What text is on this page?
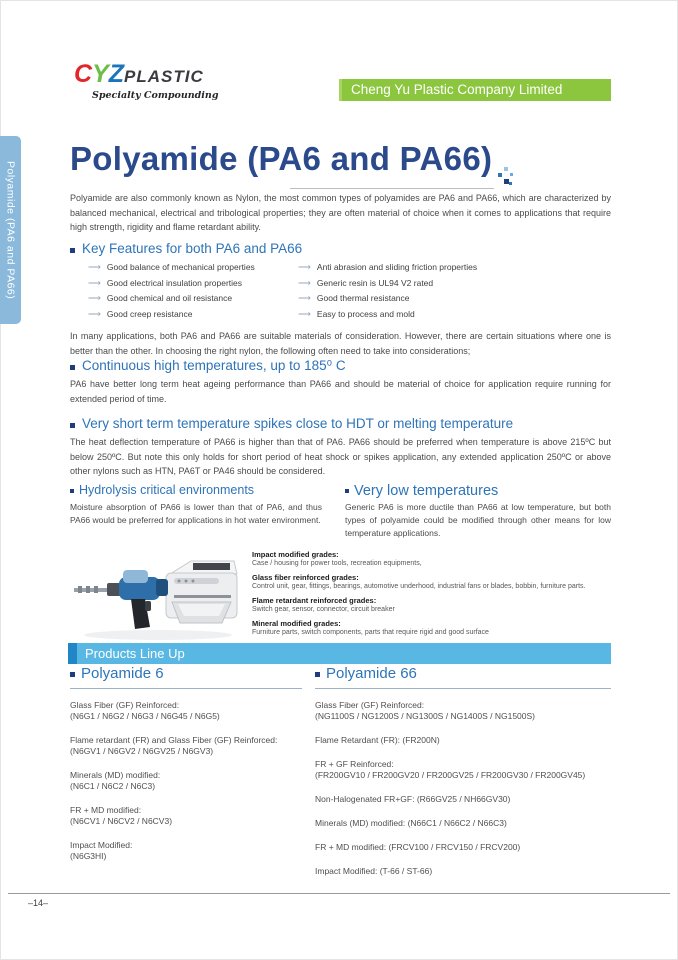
Polyamide (PA6 and PA66)
CYZPLASTIC
Specialty Compounding	Cheng Yu Plastic Company Limited
Polyamide (PA6 and PA66)

Polyamide are also commonly known as Nylon, the most common types of polyamides are PA6 and PA66, which are characterized by balanced mechanical, electrical and tribological properties; they are often material of choice when it comes to applications that require high strength, rigidity and flame retardant ability.

Key Features for both PA6 and PA66
⟶ Good balance of mechanical properties
⟶ Good electrical insulation properties
⟶ Good chemical and oil resistance
⟶ Good creep resistance
⟶ Anti abrasion and sliding friction properties
⟶ Generic resin is UL94 V2 rated
⟶ Good thermal resistance
⟶ Easy to process and mold

In many applications, both PA6 and PA66 are suitable materials of consideration. However, there are certain situations where one is better than the other. In choosing the right nylon, the following often need to take into considerations;

Continuous high temperatures, up to 185⁰ C

PA6 have better long term heat ageing performance than PA66 and should be material of choice for application require running for extended period of time.

Very short term temperature spikes close to HDT or melting temperature

The heat deflection temperature of PA66 is higher than that of PA6. PA66 should be preferred when temperature is above 215ºC but below 250ºC. But note this only holds for short period of heat shock or spikes application, any extended application 250ºC or above other nylons such as HTN, PA6T or PA46 should be considered.

Hydrolysis critical environments	Very low temperatures

Moisture absorption of PA66 is lower than that of PA6, and thus PA66 would be preferred for applications in hot water environment.

Generic PA6 is more ductile than PA66 at low temperature, but both types of polyamide could be modified through other means for low temperature applications.

Impact modified grades:
Case / housing for power tools, recreation equipments,
Glass fiber reinforced grades:
Control unit, gear, fittings, bearings, automotive underhood, industrial fans or blades, bobbin, furniture parts.
Flame retardant reinforced grades:
Switch gear, sensor, connector, circuit breaker
Mineral modified grades:
Furniture parts, switch components, parts that require rigid and good surface
Products Line Up
Polyamide 6	Polyamide 66
Glass Fiber (GF) Reinforced:
(N6G1 / N6G2 / N6G3 / N6G45 / N6G5)
Flame retardant (FR) and Glass Fiber (GF) Reinforced:
(N6GV1 / N6GV2 / N6GV25 / N6GV3)
Minerals (MD) modified:
(N6C1 / N6C2 / N6C3)
FR + MD modified:
(N6CV1 / N6CV2 / N6CV3)
Impact Modified:
(N6G3HI)
Glass Fiber (GF) Reinforced:
(NG1100S / NG1200S / NG1300S / NG1400S / NG1500S)
Flame Retardant (FR): (FR200N)
FR + GF Reinforced:
(FR200GV10 / FR200GV20 / FR200GV25 / FR200GV30 / FR200GV45)
Non-Halogenated FR+GF: (R66GV25 / NH66GV30)
Minerals (MD) modified: (N66C1 / N66C2 / N66C3)
FR + MD modified: (FRCV100 / FRCV150 / FRCV200)
Impact Modified: (T-66 / ST-66)
–14–
